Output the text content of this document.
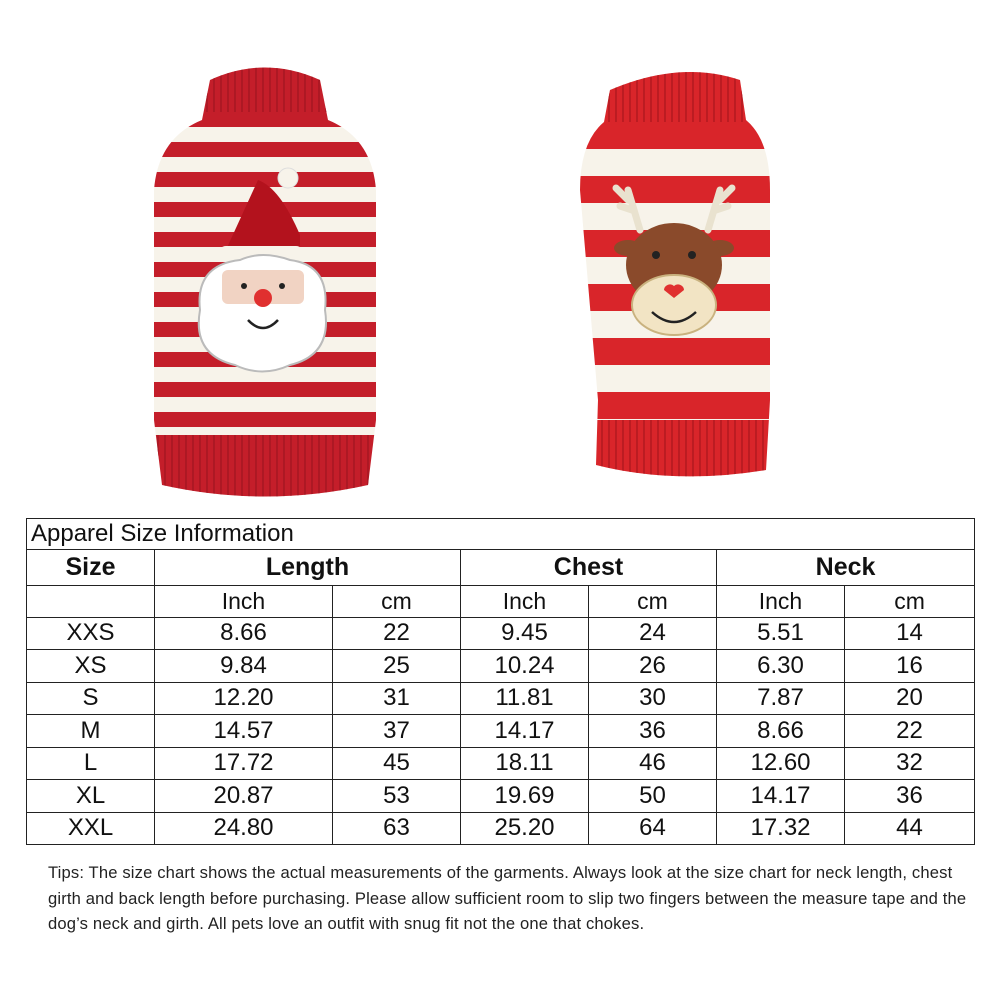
Apparel Size Information						
Size	Length		Chest		Neck	
	Inch	cm	Inch	cm	Inch	cm
XXS	8.66	22	9.45	24	5.51	14
XS	9.84	25	10.24	26	6.30	16
S	12.20	31	11.81	30	7.87	20
M	14.57	37	14.17	36	8.66	22
L	17.72	45	18.11	46	12.60	32
XL	20.87	53	19.69	50	14.17	36
XXL	24.80	63	25.20	64	17.32	44
Tips: The size chart shows the actual measurements of the garments. Always look at the size chart for neck length, chest girth and back length before purchasing. Please allow sufficient room to slip two fingers between the measure tape and the dog’s neck and girth. All pets love an outfit with snug fit not the one that chokes.
